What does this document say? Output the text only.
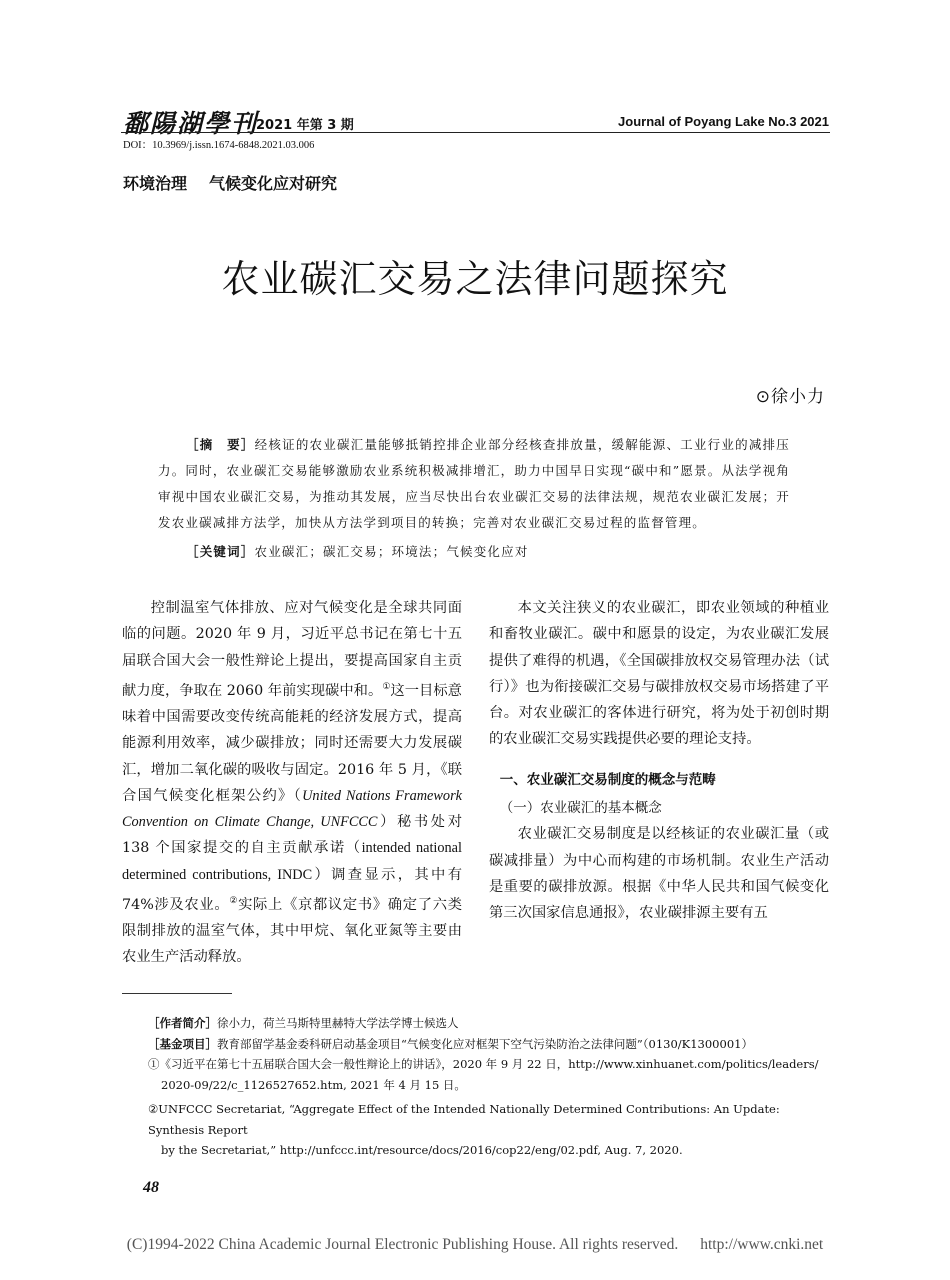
鄱陽湖學刊
2021 年第 3 期	Journal of Poyang Lake No.3 2021
DOI：10.3969/j.issn.1674-6848.2021.03.006
环境治理 气候变化应对研究
农业碳汇交易之法律问题探究
⊙徐小力

［摘　要］经核证的农业碳汇量能够抵销控排企业部分经核查排放量，缓解能源、工业行业的减排压力。同时，农业碳汇交易能够激励农业系统积极减排增汇，助力中国早日实现“碳中和”愿景。从法学视角审视中国农业碳汇交易，为推动其发展，应当尽快出台农业碳汇交易的法律法规，规范农业碳汇发展；开发农业碳减排方法学，加快从方法学到项目的转换；完善对农业碳汇交易过程的监督管理。

［关键词］农业碳汇；碳汇交易；环境法；气候变化应对

控制温室气体排放、应对气候变化是全球共同面临的问题。2020 年 9 月，习近平总书记在第七十五届联合国大会一般性辩论上提出，要提高国家自主贡献力度，争取在 2060 年前实现碳中和。①这一目标意味着中国需要改变传统高能耗的经济发展方式，提高能源利用效率，减少碳排放；同时还需要大力发展碳汇，增加二氧化碳的吸收与固定。2016 年 5 月，《联合国气候变化框架公约》（United Nations Framework Convention on Climate Change, UNFCCC）秘书处对 138 个国家提交的自主贡献承诺（intended national determined contributions, INDC）调查显示，其中有 74%涉及农业。②实际上《京都议定书》确定了六类限制排放的温室气体，其中甲烷、氧化亚氮等主要由农业生产活动释放。

本文关注狭义的农业碳汇，即农业领域的种植业和畜牧业碳汇。碳中和愿景的设定，为农业碳汇发展提供了难得的机遇，《全国碳排放权交易管理办法（试行）》也为衔接碳汇交易与碳排放权交易市场搭建了平台。对农业碳汇的客体进行研究，将为处于初创时期的农业碳汇交易实践提供必要的理论支持。

一、农业碳汇交易制度的概念与范畴

（一）农业碳汇的基本概念

农业碳汇交易制度是以经核证的农业碳汇量（或碳减排量）为中心而构建的市场机制。农业生产活动是重要的碳排放源。根据《中华人民共和国气候变化第三次国家信息通报》，农业碳排源主要有五

［作者简介］徐小力，荷兰马斯特里赫特大学法学博士候选人
［基金项目］教育部留学基金委科研启动基金项目“气候变化应对框架下空气污染防治之法律问题”（0130/K1300001）
①《习近平在第七十五届联合国大会一般性辩论上的讲话》，2020 年 9 月 22 日，http://www.xinhuanet.com/politics/leaders/
2020-09/22/c_1126527652.htm, 2021 年 4 月 15 日。
②UNFCCC Secretariat, “Aggregate Effect of the Intended Nationally Determined Contributions: An Update: Synthesis Report
by the Secretariat,” http://unfccc.int/resource/docs/2016/cop22/eng/02.pdf, Aug. 7, 2020.
48
(C)1994-2022 China Academic Journal Electronic Publishing House. All rights reserved. http://www.cnki.net
